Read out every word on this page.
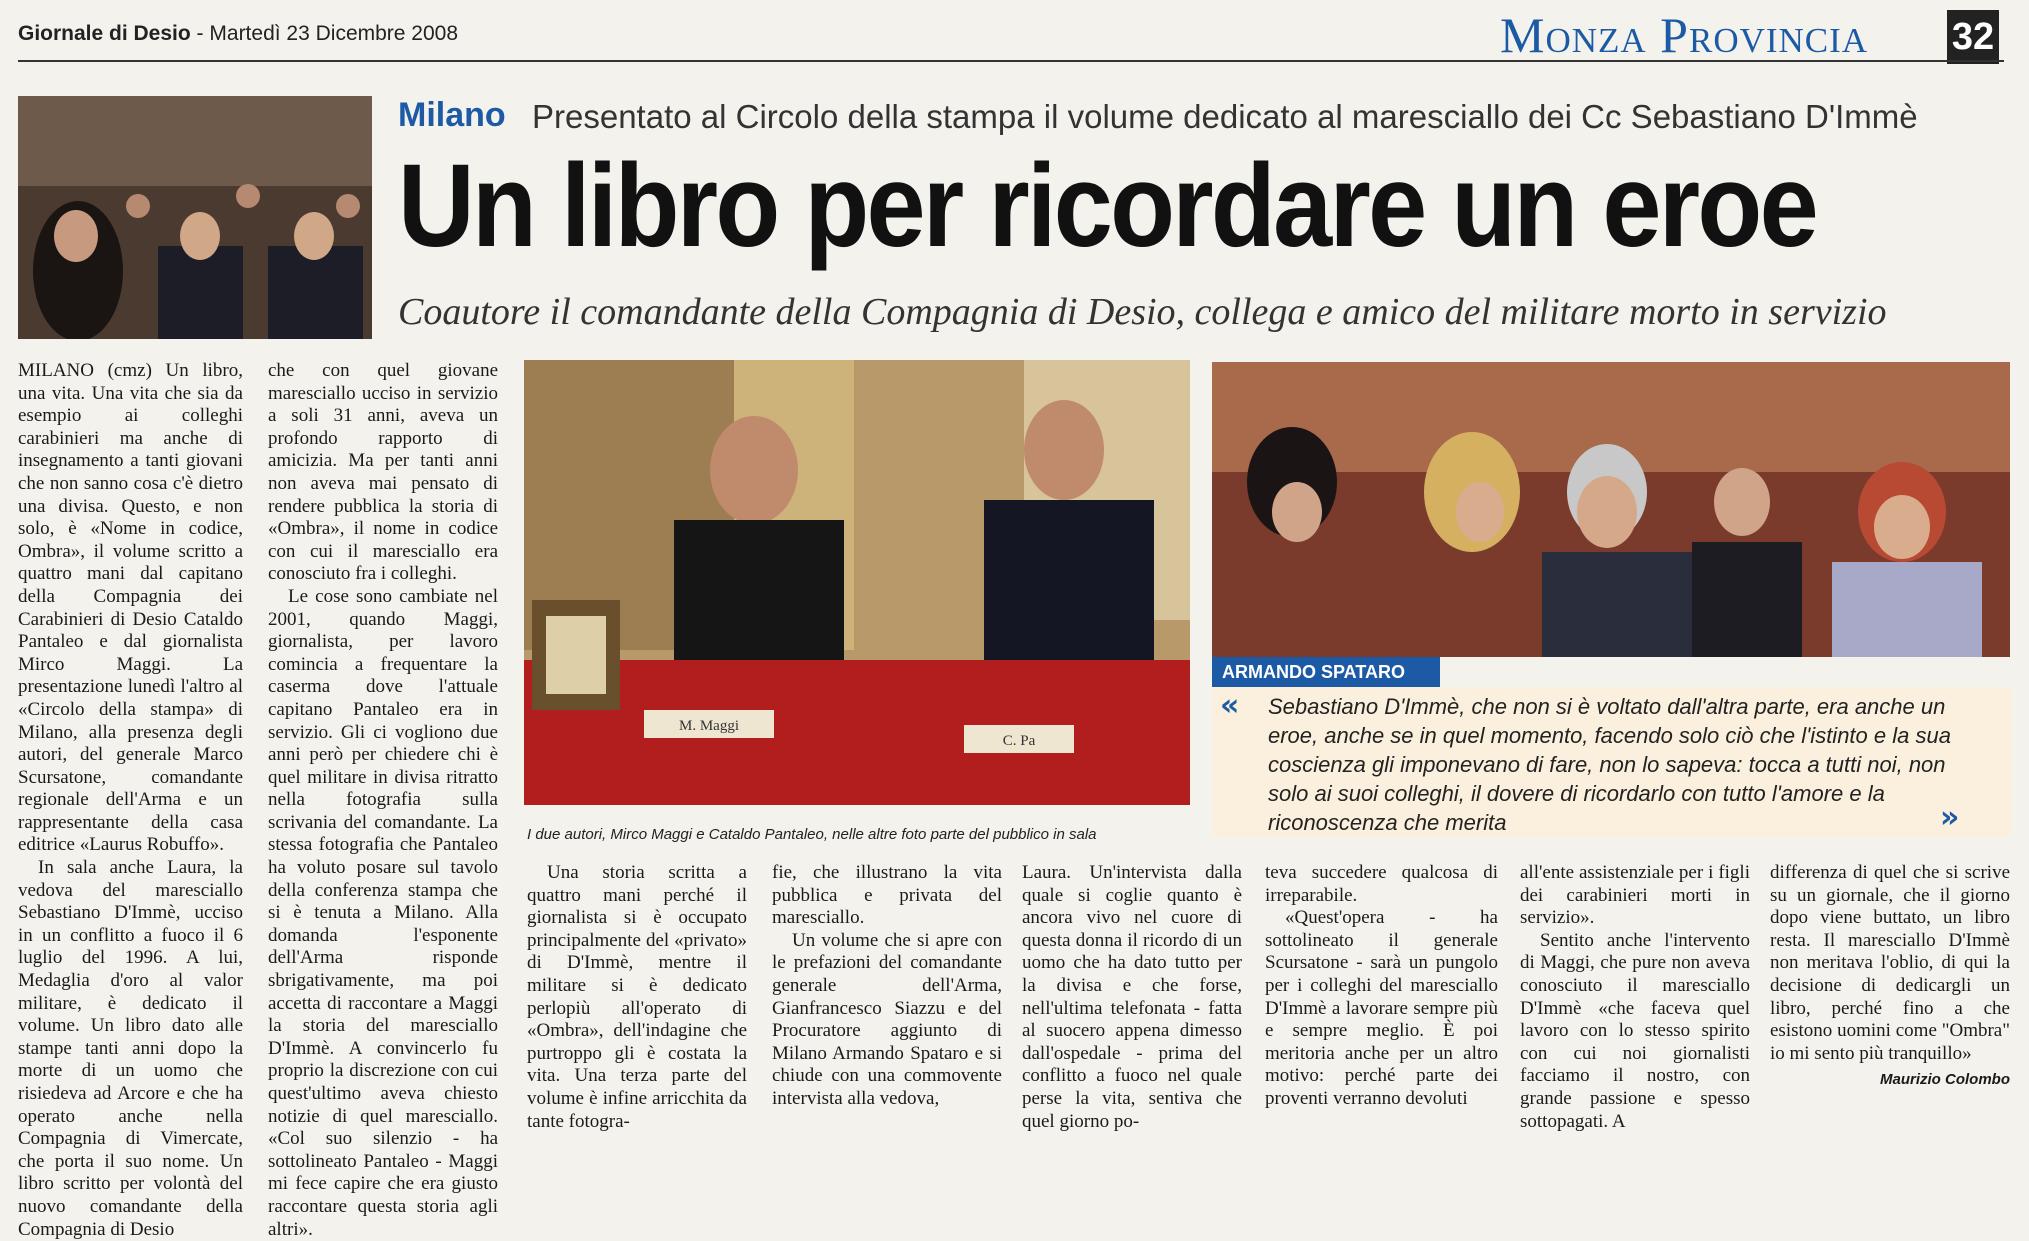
Giornale di Desio - Martedì 23 Dicembre 2008	Monza Provincia 32
Milano Presentato al Circolo della stampa il volume dedicato al maresciallo dei Cc Sebastiano D'Immè
Un libro per ricordare un eroe
Coautore il comandante della Compagnia di Desio, collega e amico del militare morto in servizio

MILANO (cmz) Un libro, una vita. Una vita che sia da esempio ai colleghi carabinieri ma anche di insegnamento a tanti giovani che non sanno cosa c'è dietro una divisa. Questo, e non solo, è «Nome in codice, Ombra», il volume scritto a quattro mani dal capitano della Compagnia dei Carabinieri di Desio Cataldo Pantaleo e dal giornalista Mirco Maggi. La presentazione lunedì l'altro al «Circolo della stampa» di Milano, alla presenza degli autori, del generale Marco Scursatone, comandante regionale dell'Arma e un rappresentante della casa editrice «Laurus Robuffo».

In sala anche Laura, la vedova del maresciallo Sebastiano D'Immè, ucciso in un conflitto a fuoco il 6 luglio del 1996. A lui, Medaglia d'oro al valor militare, è dedicato il volume. Un libro dato alle stampe tanti anni dopo la morte di un uomo che risiedeva ad Arcore e che ha operato anche nella Compagnia di Vimercate, che porta il suo nome. Un libro scritto per volontà del nuovo comandante della Compagnia di Desio

che con quel giovane maresciallo ucciso in servizio a soli 31 anni, aveva un profondo rapporto di amicizia. Ma per tanti anni non aveva mai pensato di rendere pubblica la storia di «Ombra», il nome in codice con cui il maresciallo era conosciuto fra i colleghi.

Le cose sono cambiate nel 2001, quando Maggi, giornalista, per lavoro comincia a frequentare la caserma dove l'attuale capitano Pantaleo era in servizio. Gli ci vogliono due anni però per chiedere chi è quel militare in divisa ritratto nella fotografia sulla scrivania del comandante. La stessa fotografia che Pantaleo ha voluto posare sul tavolo della conferenza stampa che si è tenuta a Milano. Alla domanda l'esponente dell'Arma risponde sbrigativamente, ma poi accetta di raccontare a Maggi la storia del maresciallo D'Immè. A convincerlo fu proprio la discrezione con cui quest'ultimo aveva chiesto notizie di quel maresciallo. «Col suo silenzio - ha sottolineato Pantaleo - Maggi mi fece capire che era giusto raccontare questa storia agli altri».

M. Maggi
C. Pa
I due autori, Mirco Maggi e Cataldo Pantaleo, nelle altre foto parte del pubblico in sala
ARMANDO SPATARO
« Sebastiano D'Immè, che non si è voltato dall'altra parte, era anche un eroe, anche se in quel momento, facendo solo ciò che l'istinto e la sua coscienza gli imponevano di fare, non lo sapeva: tocca a tutti noi, non solo ai suoi colleghi, il dovere di ricordarlo con tutto l'amore e la riconoscenza che merita	»

Una storia scritta a quattro mani perché il giornalista si è occupato principalmente del «privato» di D'Immè, mentre il militare si è dedicato perlopiù all'operato di «Ombra», dell'indagine che purtroppo gli è costata la vita. Una terza parte del volume è infine arricchita da tante fotogra-

fie, che illustrano la vita pubblica e privata del maresciallo.

Un volume che si apre con le prefazioni del comandante generale dell'Arma, Gianfrancesco Siazzu e del Procuratore aggiunto di Milano Armando Spataro e si chiude con una commovente intervista alla vedova,

Laura. Un'intervista dalla quale si coglie quanto è ancora vivo nel cuore di questa donna il ricordo di un uomo che ha dato tutto per la divisa e che forse, nell'ultima telefonata - fatta al suocero appena dimesso dall'ospedale - prima del conflitto a fuoco nel quale perse la vita, sentiva che quel giorno po-

teva succedere qualcosa di irreparabile.

«Quest'opera - ha sottolineato il generale Scursatone - sarà un pungolo per i colleghi del maresciallo D'Immè a lavorare sempre più e sempre meglio. È poi meritoria anche per un altro motivo: perché parte dei proventi verranno devoluti

all'ente assistenziale per i figli dei carabinieri morti in servizio».

Sentito anche l'intervento di Maggi, che pure non aveva conosciuto il maresciallo D'Immè «che faceva quel lavoro con lo stesso spirito con cui noi giornalisti facciamo il nostro, con grande passione e spesso sottopagati. A

differenza di quel che si scrive su un giornale, che il giorno dopo viene buttato, un libro resta. Il maresciallo D'Immè non meritava l'oblio, di qui la decisione di dedicargli un libro, perché fino a che esistono uomini come "Ombra" io mi sento più tranquillo»

Maurizio Colombo
